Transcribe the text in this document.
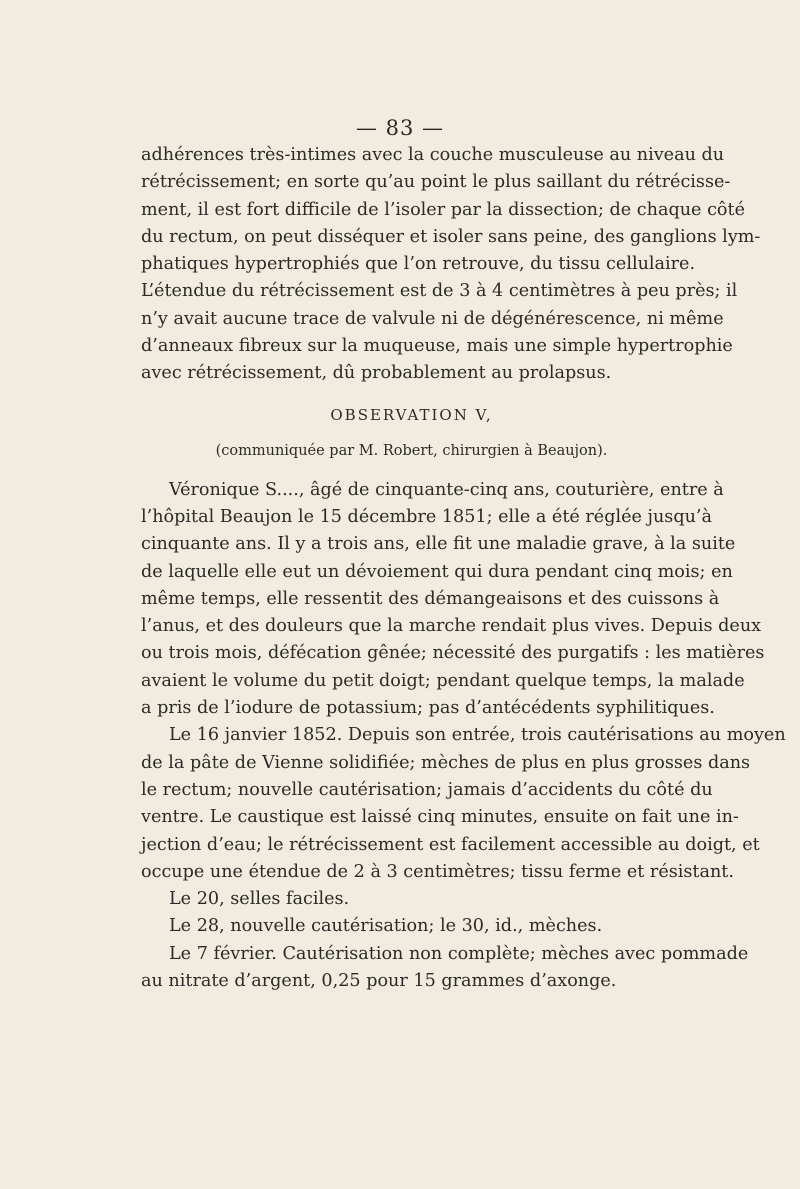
— 83 —
adhérences très-intimes avec la couche musculeuse au niveau du
rétrécissement; en sorte qu’au point le plus saillant du rétrécisse-
ment, il est fort difficile de l’isoler par la dissection; de chaque côté
du rectum, on peut disséquer et isoler sans peine, des ganglions lym-
phatiques hypertrophiés que l’on retrouve, du tissu cellulaire.
L’étendue du rétrécissement est de 3 à 4 centimètres à peu près; il
n’y avait aucune trace de valvule ni de dégénérescence, ni même
d’anneaux fibreux sur la muqueuse, mais une simple hypertrophie
avec rétrécissement, dû probablement au prolapsus.
OBSERVATION V,
(communiquée par M. Robert, chirurgien à Beaujon).
Véronique S...., âgé de cinquante-cinq ans, couturière, entre à
l’hôpital Beaujon le 15 décembre 1851; elle a été réglée jusqu’à
cinquante ans. Il y a trois ans, elle fit une maladie grave, à la suite
de laquelle elle eut un dévoiement qui dura pendant cinq mois; en
même temps, elle ressentit des démangeaisons et des cuissons à
l’anus, et des douleurs que la marche rendait plus vives. Depuis deux
ou trois mois, défécation gênée; nécessité des purgatifs : les matières
avaient le volume du petit doigt; pendant quelque temps, la malade
a pris de l’iodure de potassium; pas d’antécédents syphilitiques.
Le 16 janvier 1852. Depuis son entrée, trois cautérisations au moyen
de la pâte de Vienne solidifiée; mèches de plus en plus grosses dans
le rectum; nouvelle cautérisation; jamais d’accidents du côté du
ventre. Le caustique est laissé cinq minutes, ensuite on fait une in-
jection d’eau; le rétrécissement est facilement accessible au doigt, et
occupe une étendue de 2 à 3 centimètres; tissu ferme et résistant.
Le 20, selles faciles.
Le 28, nouvelle cautérisation; le 30, id., mèches.
Le 7 février. Cautérisation non complète; mèches avec pommade
au nitrate d’argent, 0,25 pour 15 grammes d’axonge.
